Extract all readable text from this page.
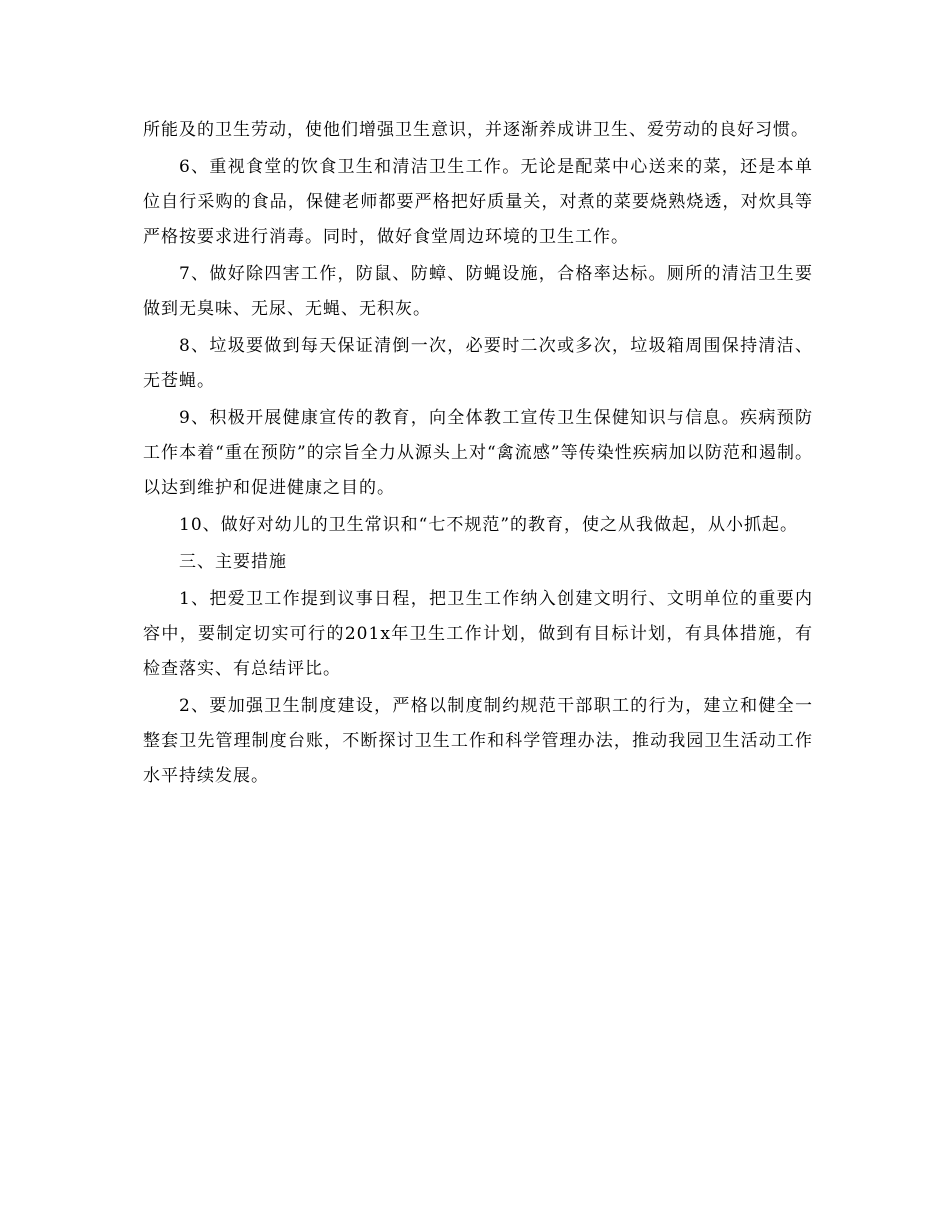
所能及的卫生劳动，使他们增强卫生意识，并逐渐养成讲卫生、爱劳动的良好习惯。

6、重视食堂的饮食卫生和清洁卫生工作。无论是配菜中心送来的菜，还是本单位自行采购的食品，保健老师都要严格把好质量关，对煮的菜要烧熟烧透，对炊具等严格按要求进行消毒。同时，做好食堂周边环境的卫生工作。

7、做好除四害工作，防鼠、防蟑、防蝇设施，合格率达标。厕所的清洁卫生要做到无臭味、无尿、无蝇、无积灰。

8、垃圾要做到每天保证清倒一次，必要时二次或多次，垃圾箱周围保持清洁、无苍蝇。

9、积极开展健康宣传的教育，向全体教工宣传卫生保健知识与信息。疾病预防工作本着“重在预防”的宗旨全力从源头上对“禽流感”等传染性疾病加以防范和遏制。以达到维护和促进健康之目的。

10、做好对幼儿的卫生常识和“七不规范”的教育，使之从我做起，从小抓起。

三、主要措施

1、把爱卫工作提到议事日程，把卫生工作纳入创建文明行、文明单位的重要内容中，要制定切实可行的201x年卫生工作计划，做到有目标计划，有具体措施，有检查落实、有总结评比。

2、要加强卫生制度建设，严格以制度制约规范干部职工的行为，建立和健全一整套卫先管理制度台账，不断探讨卫生工作和科学管理办法，推动我园卫生活动工作水平持续发展。
